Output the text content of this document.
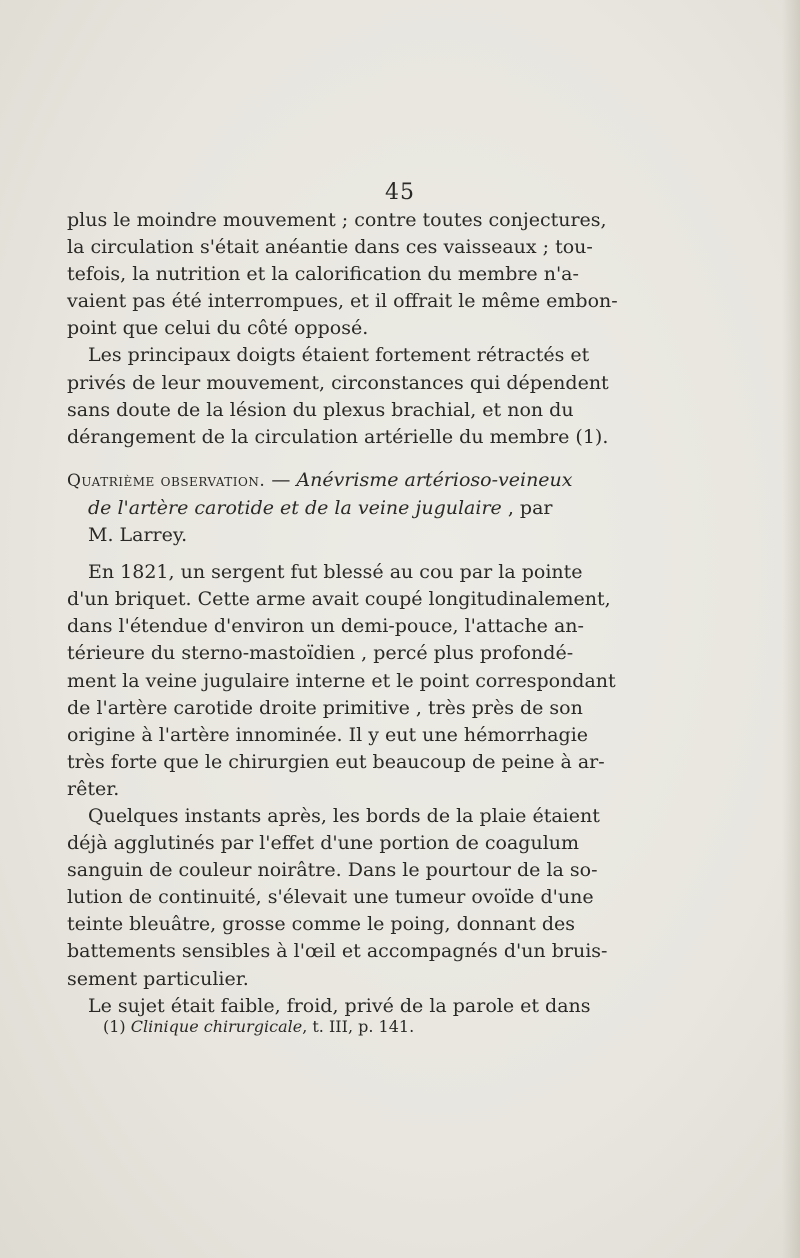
45

plus le moindre mouvement ; contre toutes conjectures,
la circulation s'était anéantie dans ces vaisseaux ; tou-
tefois, la nutrition et la calorification du membre n'a-
vaient pas été interrompues, et il offrait le même embon-
point que celui du côté opposé.

Les principaux doigts étaient fortement rétractés et
privés de leur mouvement, circonstances qui dépendent
sans doute de la lésion du plexus brachial, et non du
dérangement de la circulation artérielle du membre (1).

Quatrième observation. — Anévrisme artérioso-veineux
de l'artère carotide et de la veine jugulaire , par
M. Larrey.

En 1821, un sergent fut blessé au cou par la pointe
d'un briquet. Cette arme avait coupé longitudinalement,
dans l'étendue d'environ un demi-pouce, l'attache an-
térieure du sterno-mastoïdien , percé plus profondé-
ment la veine jugulaire interne et le point correspondant
de l'artère carotide droite primitive , très près de son
origine à l'artère innominée. Il y eut une hémorrhagie
très forte que le chirurgien eut beaucoup de peine à ar-
rêter.

Quelques instants après, les bords de la plaie étaient
déjà agglutinés par l'effet d'une portion de coagulum
sanguin de couleur noirâtre. Dans le pourtour de la so-
lution de continuité, s'élevait une tumeur ovoïde d'une
teinte bleuâtre, grosse comme le poing, donnant des
battements sensibles à l'œil et accompagnés d'un bruis-
sement particulier.

Le sujet était faible, froid, privé de la parole et dans

(1) Clinique chirurgicale, t. III, p. 141.
